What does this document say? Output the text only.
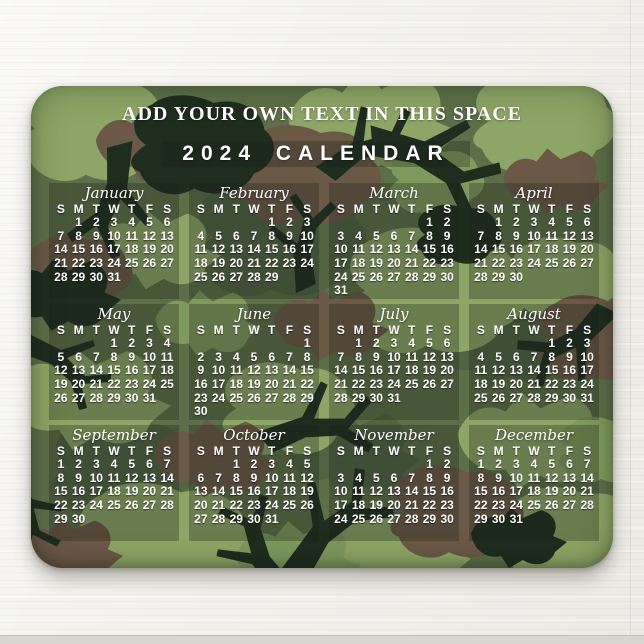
ADD YOUR OWN TEXT IN THIS SPACE
2024 CALENDAR
January
S M T W T F S
1 2 3 4 5 6
7 8 9 10 11 12 13
14 15 16 17 18 19 20
21 22 23 24 25 26 27
28 29 30 31
February
S M T W T F S
1 2 3
4 5 6 7 8 9 10
11 12 13 14 15 16 17
18 19 20 21 22 23 24
25 26 27 28 29
March
S M T W T F S
1 2
3 4 5 6 7 8 9
10 11 12 13 14 15 16
17 18 19 20 21 22 23
24 25 26 27 28 29 30
31
April
S M T W T F S
1 2 3 4 5 6
7 8 9 10 11 12 13
14 15 16 17 18 19 20
21 22 23 24 25 26 27
28 29 30
May
S M T W T F S
1 2 3 4
5 6 7 8 9 10 11
12 13 14 15 16 17 18
19 20 21 22 23 24 25
26 27 28 29 30 31
June
S M T W T F S
1
2 3 4 5 6 7 8
9 10 11 12 13 14 15
16 17 18 19 20 21 22
23 24 25 26 27 28 29
30
July
S M T W T F S
1 2 3 4 5 6
7 8 9 10 11 12 13
14 15 16 17 18 19 20
21 22 23 24 25 26 27
28 29 30 31
August
S M T W T F S
1 2 3
4 5 6 7 8 9 10
11 12 13 14 15 16 17
18 19 20 21 22 23 24
25 26 27 28 29 30 31
September
S M T W T F S
1 2 3 4 5 6 7
8 9 10 11 12 13 14
15 16 17 18 19 20 21
22 23 24 25 26 27 28
29 30
October
S M T W T F S
1 2 3 4 5
6 7 8 9 10 11 12
13 14 15 16 17 18 19
20 21 22 23 24 25 26
27 28 29 30 31
November
S M T W T F S
1 2
3 4 5 6 7 8 9
10 11 12 13 14 15 16
17 18 19 20 21 22 23
24 25 26 27 28 29 30
December
S M T W T F S
1 2 3 4 5 6 7
8 9 10 11 12 13 14
15 16 17 18 19 20 21
22 23 24 25 26 27 28
29 30 31
